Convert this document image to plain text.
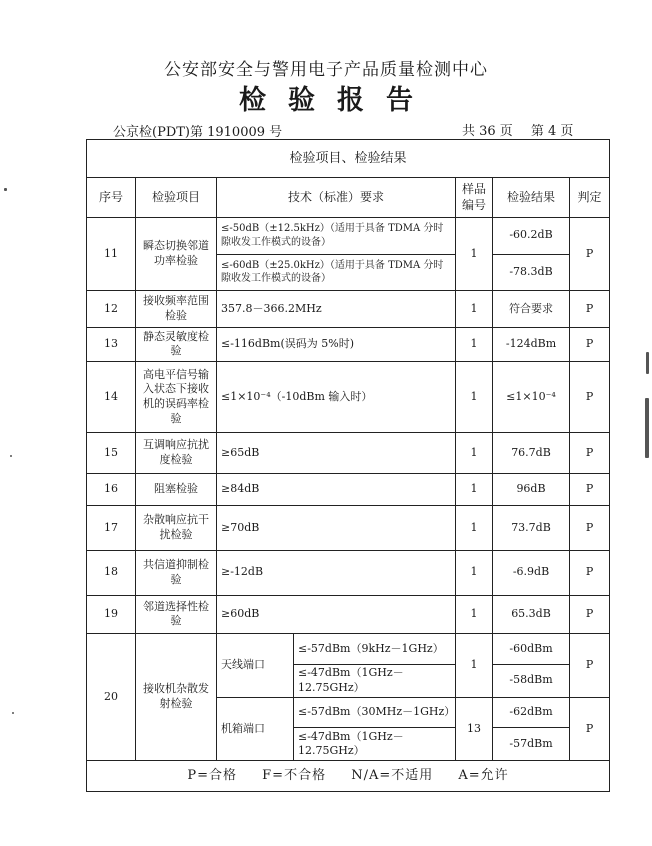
公安部安全与警用电子产品质量检测中心
检验报告
公京检(PDT)第 1910009 号	共 36 页 第 4 页
检验项目、检验结果						
序号	检验项目	技术（标准）要求		样品编号	检验结果	判定
11	瞬态切换邻道功率检验	≤-50dB（±12.5kHz）（适用于具备 TDMA 分时隙收发工作模式的设备）		1	-60.2dB	P
		≤-60dB（±25.0kHz）（适用于具备 TDMA 分时隙收发工作模式的设备）			-78.3dB	
12	接收频率范围检验	357.8－366.2MHz		1	符合要求	P
13	静态灵敏度检验	≤-116dBm(误码为 5%时)		1	-124dBm	P
14	高电平信号输入状态下接收机的误码率检验	≤1×10⁻⁴（-10dBm 输入时）		1	≤1×10⁻⁴	P
15	互调响应抗扰度检验	≥65dB		1	76.7dB	P
16	阻塞检验	≥84dB		1	96dB	P
17	杂散响应抗干扰检验	≥70dB		1	73.7dB	P
18	共信道抑制检验	≥-12dB		1	-6.9dB	P
19	邻道选择性检验	≥60dB		1	65.3dB	P
20	接收机杂散发射检验	天线端口	≤-57dBm（9kHz－1GHz）	1	-60dBm	P
			≤-47dBm（1GHz－12.75GHz）		-58dBm	
		机箱端口	≤-57dBm（30MHz－1GHz）	13	-62dBm	P
			≤-47dBm（1GHz－12.75GHz）		-57dBm	
P=合格 F=不合格 N/A=不适用 A=允许						
